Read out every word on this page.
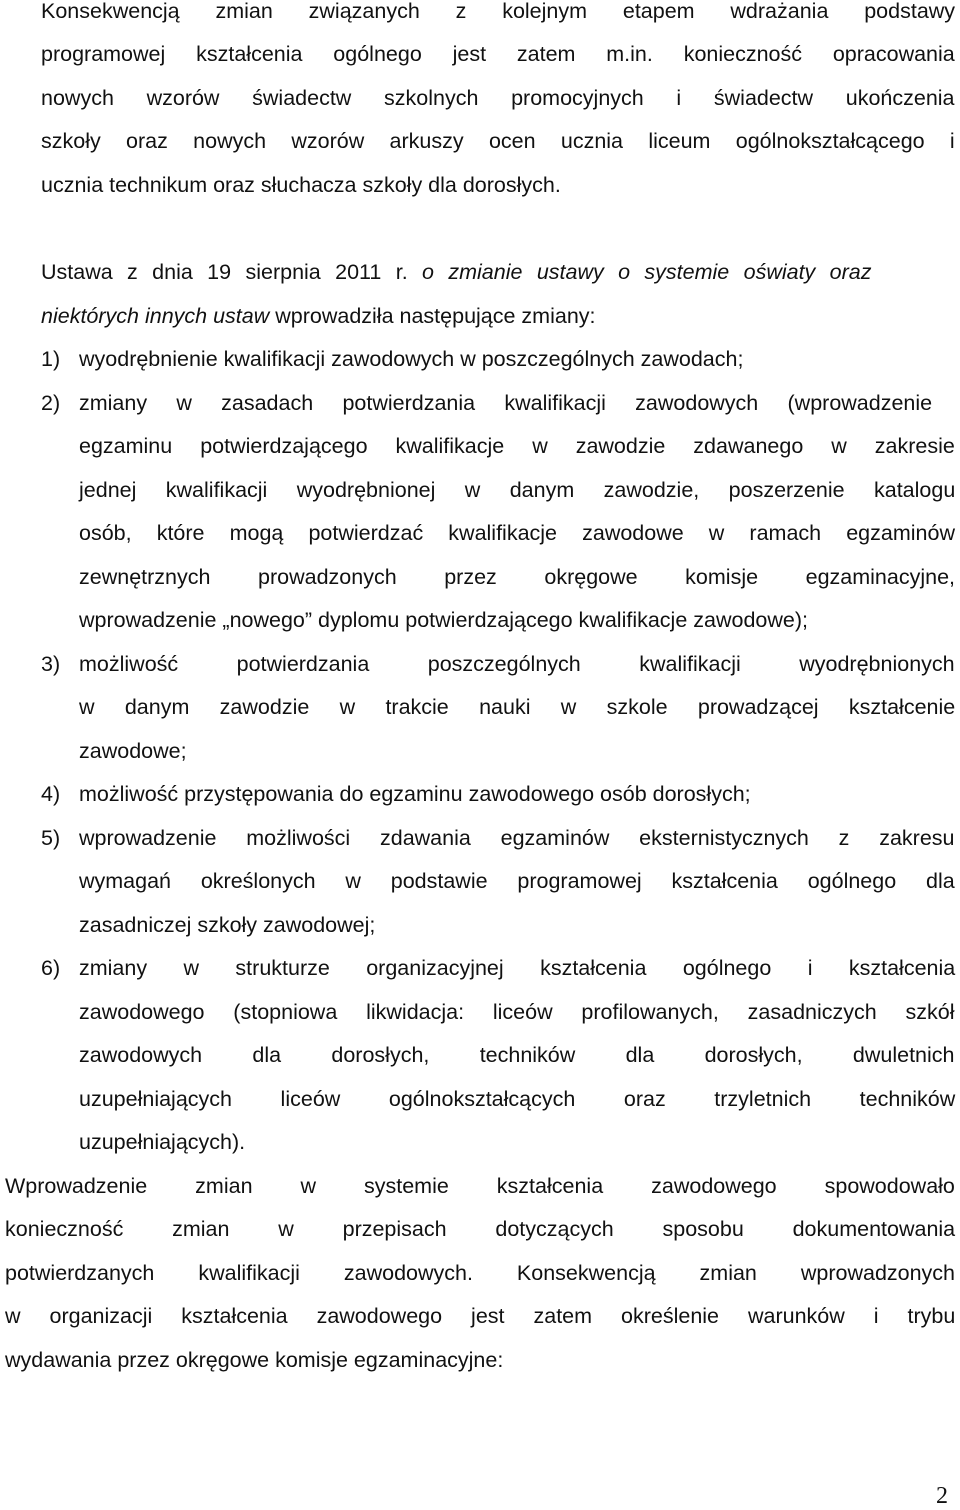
Konsekwencją zmian związanych z kolejnym etapem wdrażania podstawy
programowej kształcenia ogólnego jest zatem m.in. konieczność opracowania
nowych wzorów świadectw szkolnych promocyjnych i świadectw ukończenia
szkoły oraz nowych wzorów arkuszy ocen ucznia liceum ogólnokształcącego i
ucznia technikum oraz słuchacza szkoły dla dorosłych.
Ustawa z dnia 19 sierpnia 2011 r. o zmianie ustawy o systemie oświaty oraz
niektórych innych ustaw wprowadziła następujące zmiany:
1) wyodrębnienie kwalifikacji zawodowych w poszczególnych zawodach;
2) zmiany w zasadach potwierdzania kwalifikacji zawodowych (wprowadzenie
egzaminu potwierdzającego kwalifikacje w zawodzie zdawanego w zakresie
jednej kwalifikacji wyodrębnionej w danym zawodzie, poszerzenie katalogu
osób, które mogą potwierdzać kwalifikacje zawodowe w ramach egzaminów
zewnętrznych prowadzonych przez okręgowe komisje egzaminacyjne,
wprowadzenie „nowego” dyplomu potwierdzającego kwalifikacje zawodowe);
3) możliwość potwierdzania poszczególnych kwalifikacji wyodrębnionych
w danym zawodzie w trakcie nauki w szkole prowadzącej kształcenie
zawodowe;
4) możliwość przystępowania do egzaminu zawodowego osób dorosłych;
5) wprowadzenie możliwości zdawania egzaminów eksternistycznych z zakresu
wymagań określonych w podstawie programowej kształcenia ogólnego dla
zasadniczej szkoły zawodowej;
6) zmiany w strukturze organizacyjnej kształcenia ogólnego i kształcenia
zawodowego (stopniowa likwidacja: liceów profilowanych, zasadniczych szkół
zawodowych dla dorosłych, techników dla dorosłych, dwuletnich
uzupełniających liceów ogólnokształcących oraz trzyletnich techników
uzupełniających).
Wprowadzenie zmian w systemie kształcenia zawodowego spowodowało
konieczność zmian w przepisach dotyczących sposobu dokumentowania
potwierdzanych kwalifikacji zawodowych. Konsekwencją zmian wprowadzonych
w organizacji kształcenia zawodowego jest zatem określenie warunków i trybu
wydawania przez okręgowe komisje egzaminacyjne:
2
